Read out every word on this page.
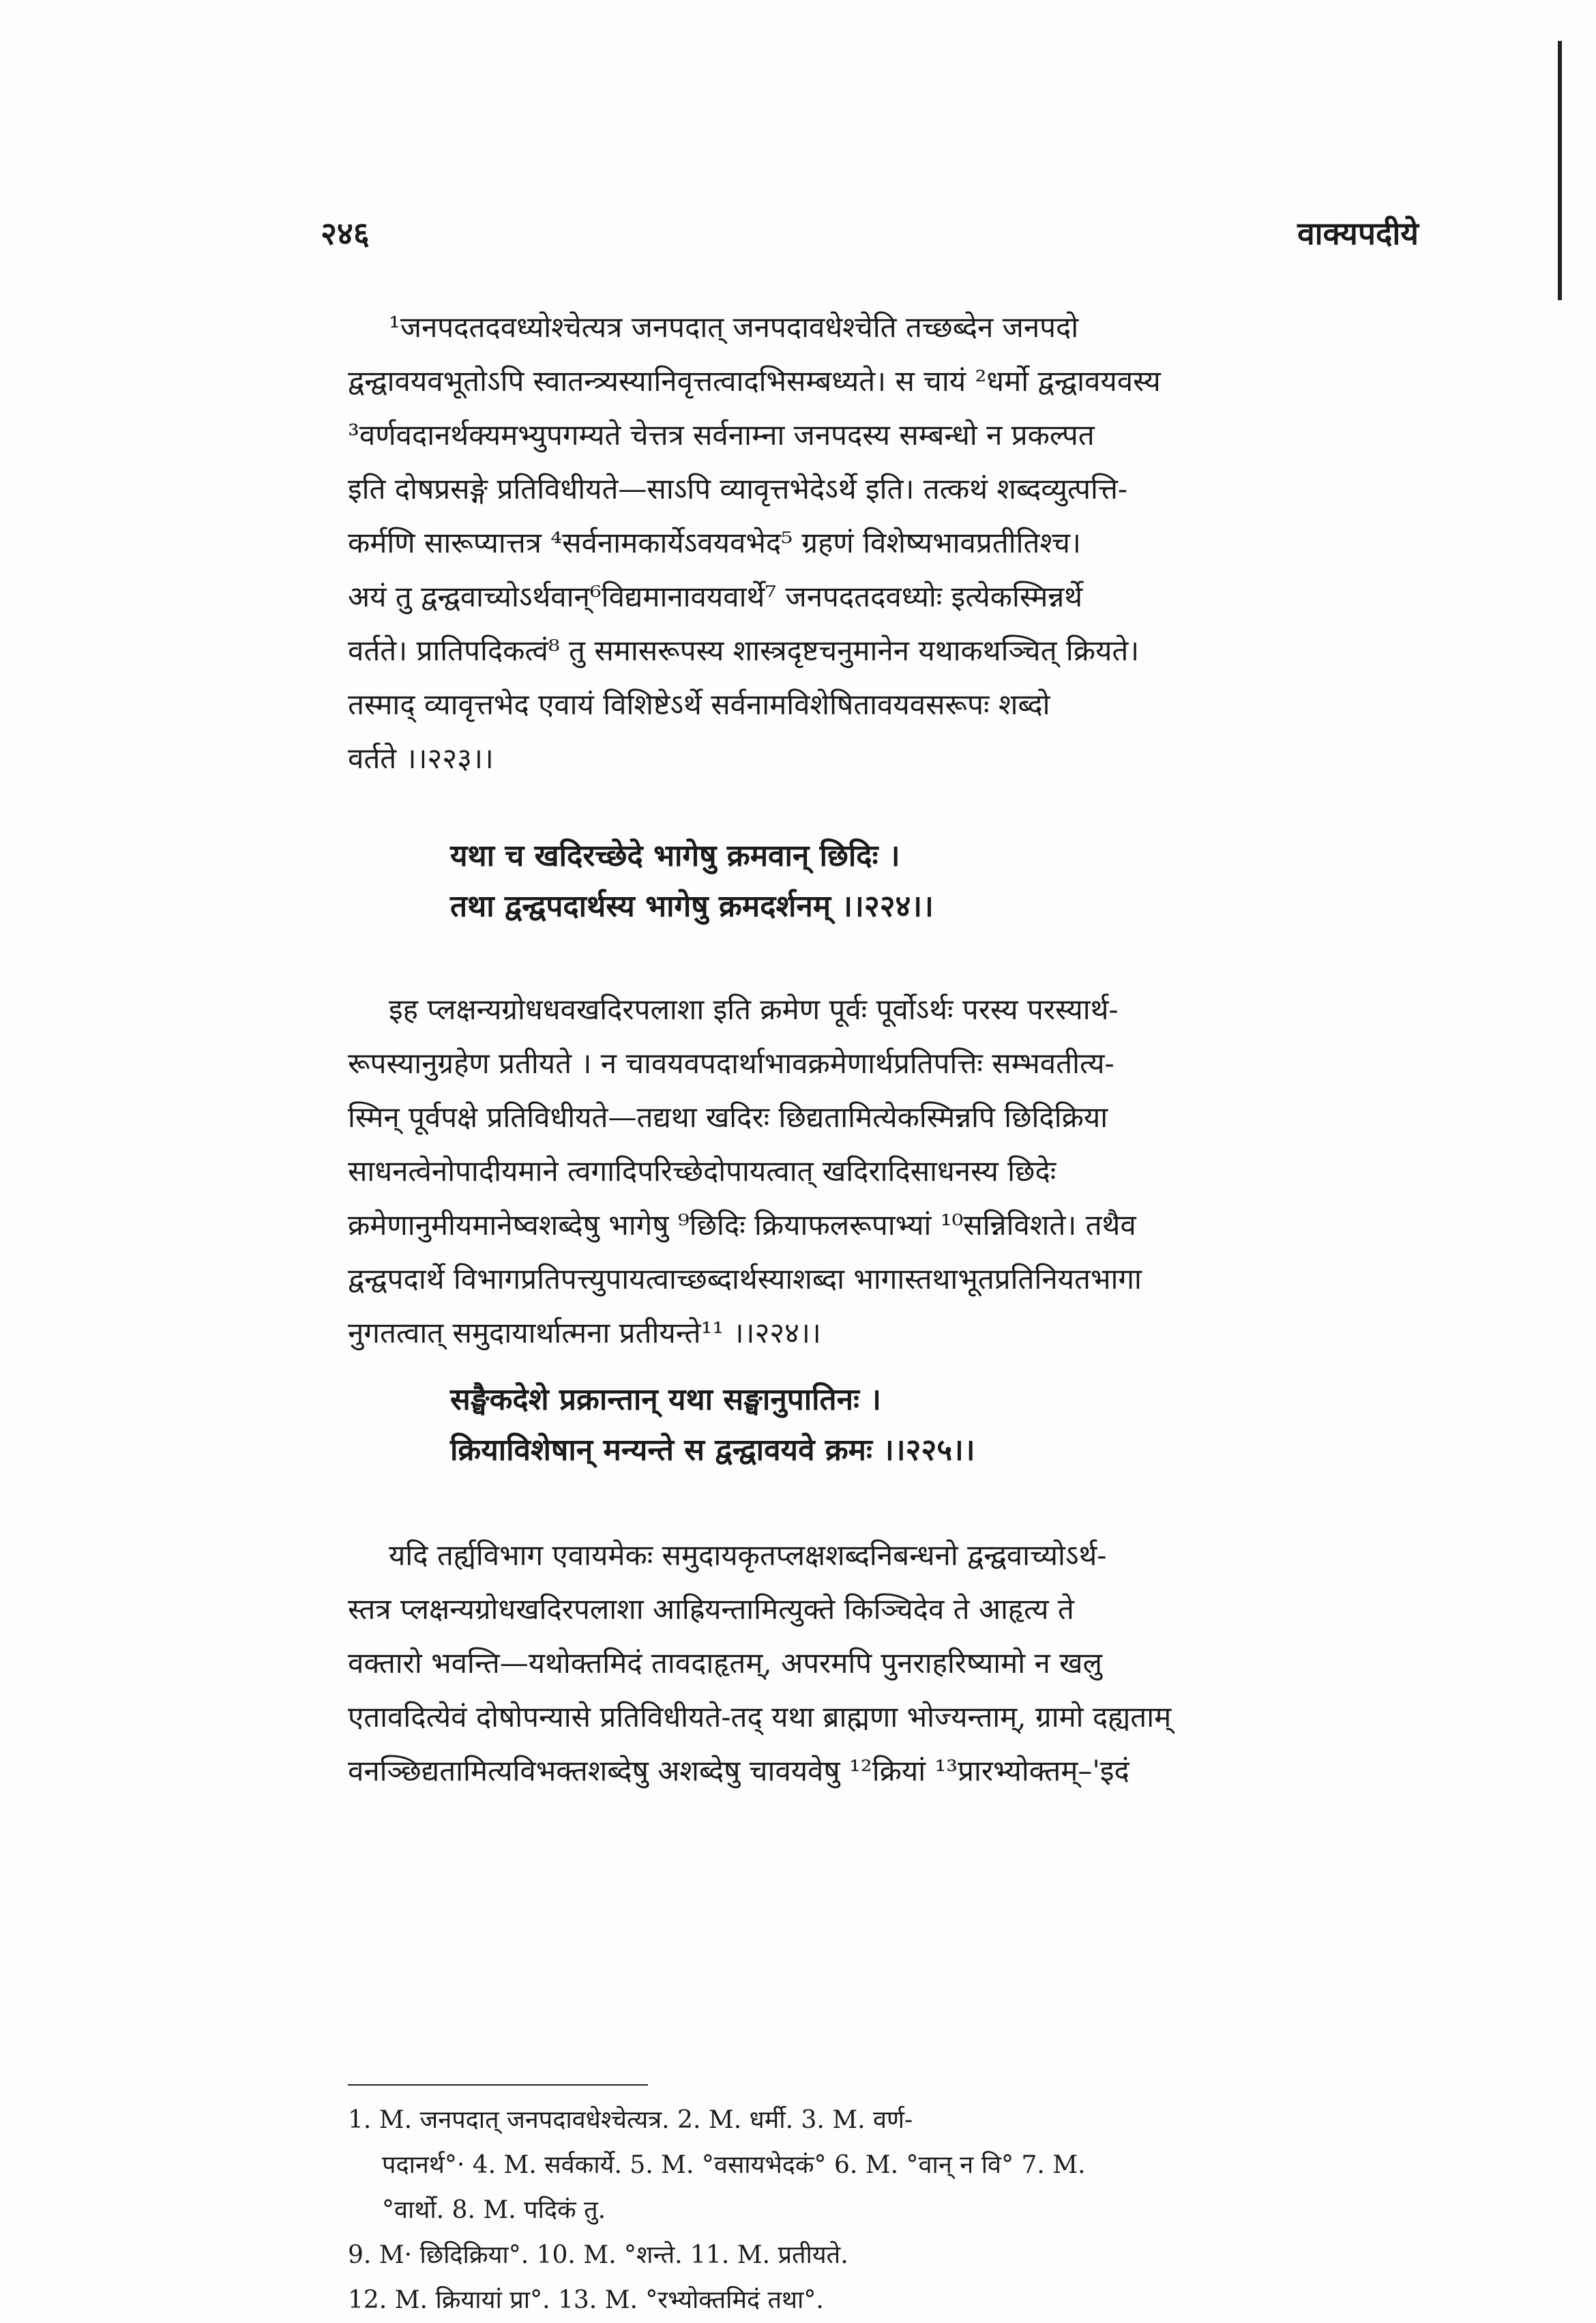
२४६	वाक्यपदीये
¹जनपदतदवध्योश्चेत्यत्र जनपदात् जनपदावधेश्चेति तच्छब्देन जनपदो
द्वन्द्वावयवभूतोऽपि स्वातन्त्र्यस्यानिवृत्तत्वादभिसम्बध्यते। स चायं ²धर्मो द्वन्द्वावयवस्य
³वर्णवदानर्थक्यमभ्युपगम्यते चेत्तत्र सर्वनाम्ना जनपदस्य सम्बन्धो न प्रकल्पत
इति दोषप्रसङ्गे प्रतिविधीयते—साऽपि व्यावृत्तभेदेऽर्थे इति। तत्कथं शब्दव्युत्पत्ति-
कर्मणि सारूप्यात्तत्र ⁴सर्वनामकार्येऽवयवभेद⁵ ग्रहणं विशेष्यभावप्रतीतिश्च।
अयं तु द्वन्द्ववाच्योऽर्थवान्⁶विद्यमानावयवार्थे⁷ जनपदतदवध्योः इत्येकस्मिन्नर्थे
वर्तते। प्रातिपदिकत्वं⁸ तु समासरूपस्य शास्त्रदृष्टचनुमानेन यथाकथञ्चित् क्रियते।
तस्माद् व्यावृत्तभेद एवायं विशिष्टेऽर्थे सर्वनामविशेषितावयवसरूपः शब्दो
वर्तते ।।२२३।।
यथा च खदिरच्छेदे भागेषु क्रमवान् छिदिः ।
तथा द्वन्द्वपदार्थस्य भागेषु क्रमदर्शनम् ।।२२४।।
इह प्लक्षन्यग्रोधधवखदिरपलाशा इति क्रमेण पूर्वः पूर्वोऽर्थः परस्य परस्यार्थ-
रूपस्यानुग्रहेण प्रतीयते । न चावयवपदार्थाभावक्रमेणार्थप्रतिपत्तिः सम्भवतीत्य-
स्मिन् पूर्वपक्षे प्रतिविधीयते—तद्यथा खदिरः छिद्यतामित्येकस्मिन्नपि छिदिक्रिया
साधनत्वेनोपादीयमाने त्वगादिपरिच्छेदोपायत्वात् खदिरादिसाधनस्य छिदेः
क्रमेणानुमीयमानेष्वशब्देषु भागेषु ⁹छिदिः क्रियाफलरूपाभ्यां ¹⁰सन्निविशते। तथैव
द्वन्द्वपदार्थे विभागप्रतिपत्त्युपायत्वाच्छब्दार्थस्याशब्दा भागास्तथाभूतप्रतिनियतभागा
नुगतत्वात् समुदायार्थात्मना प्रतीयन्ते¹¹ ।।२२४।।
सङ्घैकदेशे प्रक्रान्तान् यथा सङ्घानुपातिनः ।
क्रियाविशेषान् मन्यन्ते स द्वन्द्वावयवे क्रमः ।।२२५।।
यदि तर्ह्यविभाग एवायमेकः समुदायकृतप्लक्षशब्दनिबन्धनो द्वन्द्ववाच्योऽर्थ-
स्तत्र प्लक्षन्यग्रोधखदिरपलाशा आह्रियन्तामित्युक्ते किञ्चिदेव ते आहृत्य ते
वक्तारो भवन्ति—यथोक्तमिदं तावदाहृतम्, अपरमपि पुनराहरिष्यामो न खलु
एतावदित्येवं दोषोपन्यासे प्रतिविधीयते-तद् यथा ब्राह्मणा भोज्यन्ताम्, ग्रामो दह्यताम्
वनञ्छिद्यतामित्यविभक्तशब्देषु अशब्देषु चावयवेषु ¹²क्रियां ¹³प्रारभ्योक्तम्–'इदं
1. M. जनपदात् जनपदावधेश्चेत्यत्र. 2. M. धर्मी. 3. M. वर्ण-
पदानर्थ°· 4. M. सर्वकार्ये. 5. M. °वसायभेदकं° 6. M. °वान् न वि° 7. M.
°वार्थो. 8. M. पदिकं तु.
9. M· छिदिक्रिया°. 10. M. °शन्ते. 11. M. प्रतीयते.
12. M. क्रियायां प्रा°. 13. M. °रभ्योक्तमिदं तथा°.
